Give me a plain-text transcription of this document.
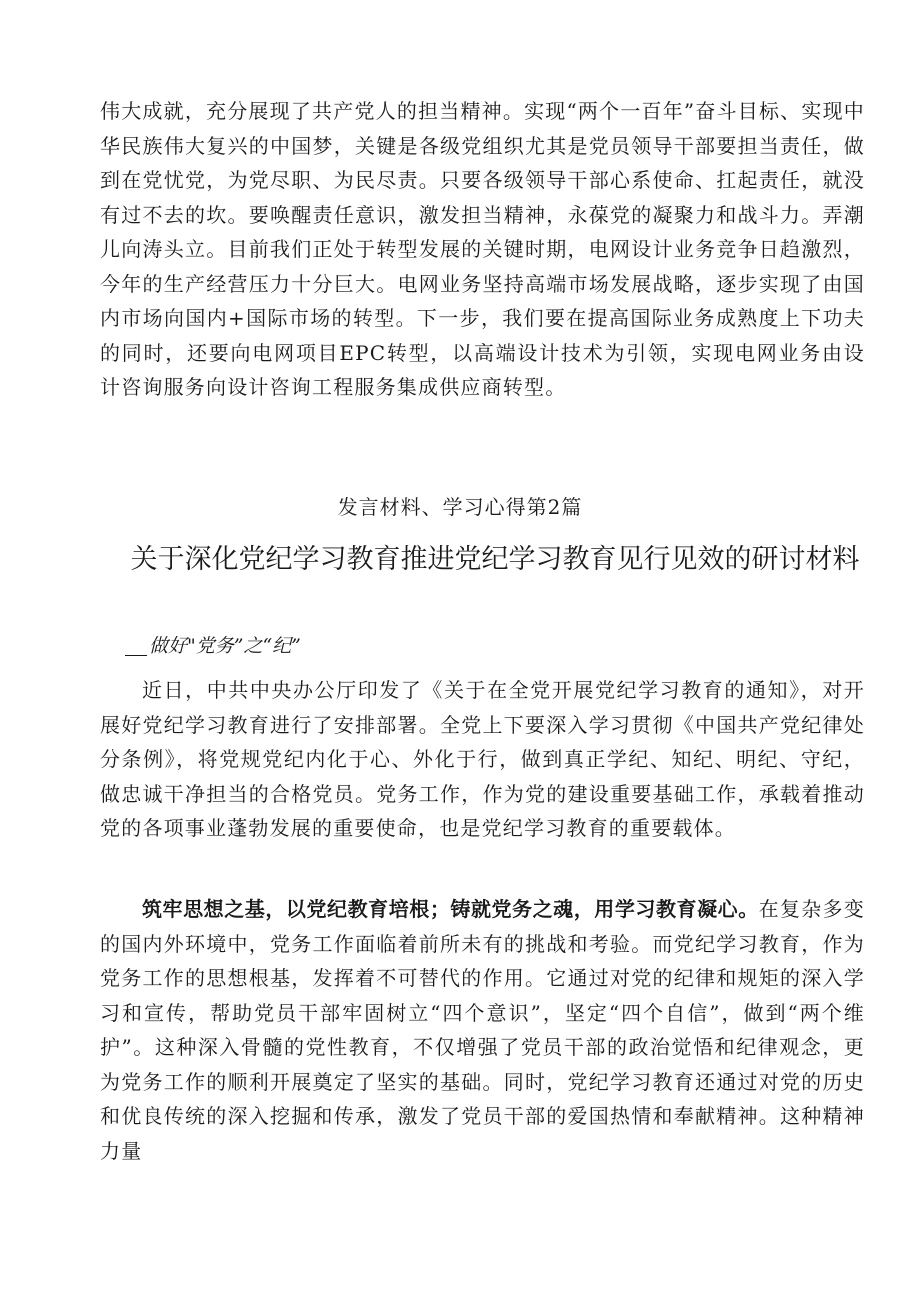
伟大成就，充分展现了共产党人的担当精神。实现“两个一百年”奋斗目标、实现中华民族伟大复兴的中国梦，关键是各级党组织尤其是党员领导干部要担当责任，做到在党忧党，为党尽职、为民尽责。只要各级领导干部心系使命、扛起责任，就没有过不去的坎。要唤醒责任意识，激发担当精神，永葆党的凝聚力和战斗力。弄潮儿向涛头立。目前我们正处于转型发展的关键时期，电网设计业务竞争日趋激烈，今年的生产经营压力十分巨大。电网业务坚持高端市场发展战略，逐步实现了由国内市场向国内+国际市场的转型。下一步，我们要在提高国际业务成熟度上下功夫的同时，还要向电网项目EPC转型，以高端设计技术为引领，实现电网业务由设计咨询服务向设计咨询工程服务集成供应商转型。

发言材料、学习心得第2篇

关于深化党纪学习教育推进党纪学习教育见行见效的研讨材料

做好"党务”之“纪”

近日，中共中央办公厅印发了《关于在全党开展党纪学习教育的通知》，对开展好党纪学习教育进行了安排部署。全党上下要深入学习贯彻《中国共产党纪律处分条例》，将党规党纪内化于心、外化于行，做到真正学纪、知纪、明纪、守纪，做忠诚干净担当的合格党员。党务工作，作为党的建设重要基础工作，承载着推动党的各项事业蓬勃发展的重要使命，也是党纪学习教育的重要载体。

筑牢思想之基，以党纪教育培根；铸就党务之魂，用学习教育凝心。在复杂多变的国内外环境中，党务工作面临着前所未有的挑战和考验。而党纪学习教育，作为党务工作的思想根基，发挥着不可替代的作用。它通过对党的纪律和规矩的深入学习和宣传，帮助党员干部牢固树立“四个意识”，坚定“四个自信”，做到“两个维护”。这种深入骨髓的党性教育，不仅增强了党员干部的政治觉悟和纪律观念，更为党务工作的顺利开展奠定了坚实的基础。同时，党纪学习教育还通过对党的历史和优良传统的深入挖掘和传承，激发了党员干部的爱国热情和奉献精神。这种精神力量
